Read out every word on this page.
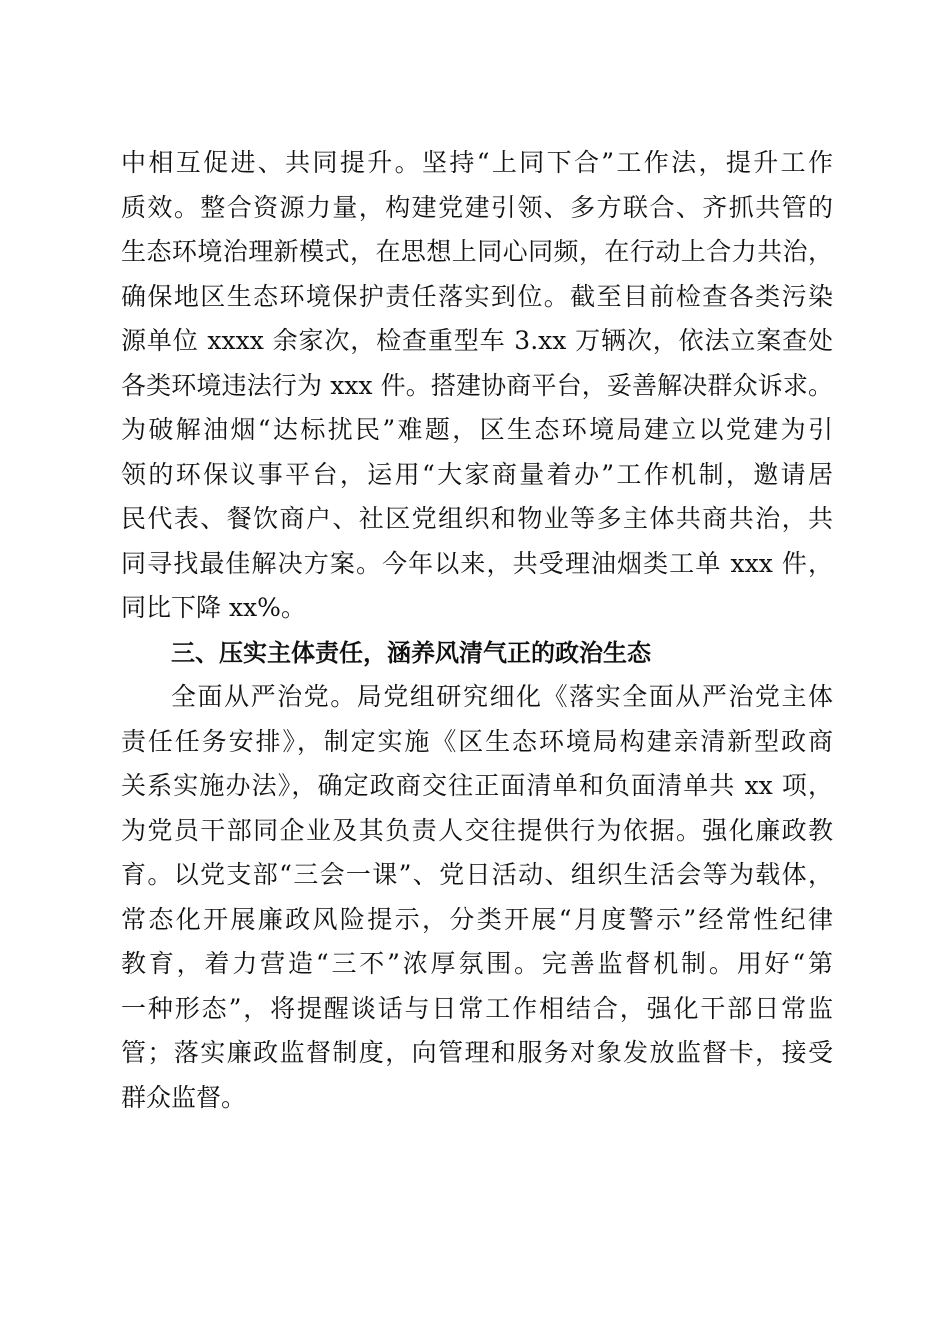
中相互促进、共同提升。坚持“上同下合”工作法，提升工作
质效。整合资源力量，构建党建引领、多方联合、齐抓共管的
生态环境治理新模式，在思想上同心同频，在行动上合力共治，
确保地区生态环境保护责任落实到位。截至目前检查各类污染
源单位 xxxx 余家次，检查重型车 3.xx 万辆次，依法立案查处
各类环境违法行为 xxx 件。搭建协商平台，妥善解决群众诉求。
为破解油烟“达标扰民”难题，区生态环境局建立以党建为引
领的环保议事平台，运用“大家商量着办”工作机制，邀请居
民代表、餐饮商户、社区党组织和物业等多主体共商共治，共
同寻找最佳解决方案。今年以来，共受理油烟类工单 xxx 件，
同比下降 xx%。
三、压实主体责任，涵养风清气正的政治生态
全面从严治党。局党组研究细化《落实全面从严治党主体
责任任务安排》，制定实施《区生态环境局构建亲清新型政商
关系实施办法》，确定政商交往正面清单和负面清单共 xx 项，
为党员干部同企业及其负责人交往提供行为依据。强化廉政教
育。以党支部“三会一课”、党日活动、组织生活会等为载体，
常态化开展廉政风险提示，分类开展“月度警示”经常性纪律
教育，着力营造“三不”浓厚氛围。完善监督机制。用好“第
一种形态”，将提醒谈话与日常工作相结合，强化干部日常监
管；落实廉政监督制度，向管理和服务对象发放监督卡，接受
群众监督。
